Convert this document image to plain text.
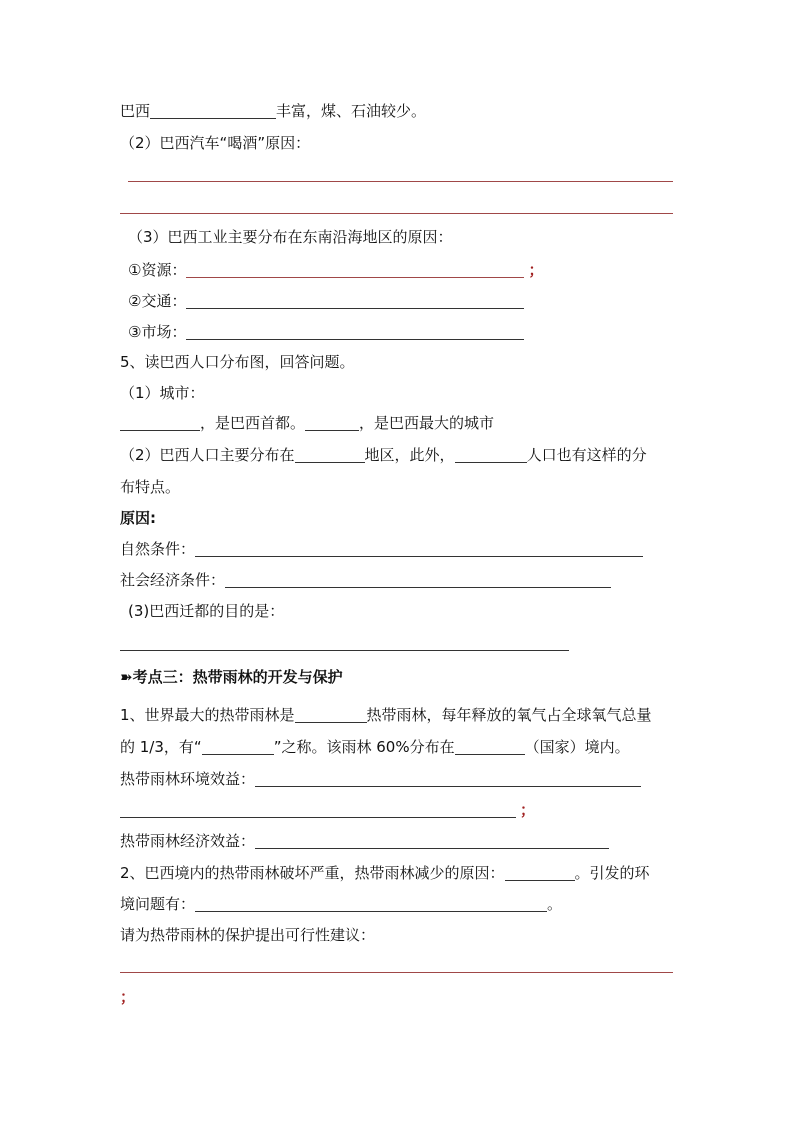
巴西	丰富，煤、石油较少。
（2）巴西汽车“喝酒”原因：
（3）巴西工业主要分布在东南沿海地区的原因：
①资源：	；
②交通：
③市场：
5、读巴西人口分布图，回答问题。
（1）城市：
，是巴西首都。	，是巴西最大的城市
（2）巴西人口主要分布在	地区，此外，	人口也有这样的分
布特点。
原因:
自然条件：
社会经济条件：
(3)巴西迁都的目的是：
➽考点三：热带雨林的开发与保护
1、世界最大的热带雨林是	热带雨林，每年释放的氧气占全球氧气总量
的 1/3，有“	”之称。该雨林 60%分布在	（国家）境内。
热带雨林环境效益：
；
热带雨林经济效益：
2、巴西境内的热带雨林破坏严重，热带雨林减少的原因：	。引发的环
境问题有：	。
请为热带雨林的保护提出可行性建议：
；
